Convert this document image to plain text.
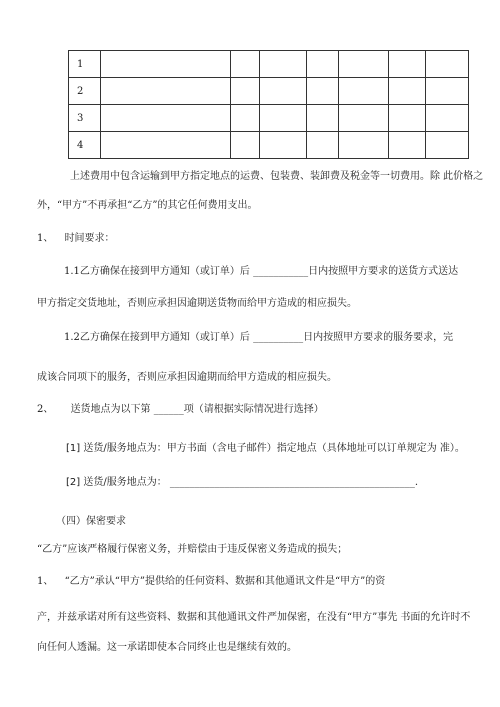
1							
2							
3							
4							
上述费用中包含运输到甲方指定地点的运费、包装费、装卸费及税金等一切费用。除 此价格之
外，“甲方”不再承担“乙方”的其它任何费用支出。
1、 时间要求：
1.1乙方确保在接到甲方通知（或订单）后 ___________日内按照甲方要求的送货方式送达
甲方指定交货地址，否则应承担因逾期送货物而给甲方造成的相应损失。
1.2乙方确保在接到甲方通知（或订单）后 __________日内按照甲方要求的服务要求，完
成该合同项下的服务，否则应承担因逾期而给甲方造成的相应损失。
2、 送货地点为以下第 ______项（请根据实际情况进行选择）
[1] 送货/服务地点为：甲方书面（含电子邮件）指定地点（具体地址可以订单规定为 准）。
[2] 送货/服务地点为： _________________________________________________.
（四）保密要求
“乙方”应该严格履行保密义务，并赔偿由于违反保密义务造成的损失；
1、 “乙方”承认“甲方”提供给的任何资料、数据和其他通讯文件是“甲方”的资
产，并兹承诺对所有这些资料、数据和其他通讯文件严加保密，在没有“甲方”事先 书面的允许时不
向任何人透漏。这一承诺即使本合同终止也是继续有效的。
